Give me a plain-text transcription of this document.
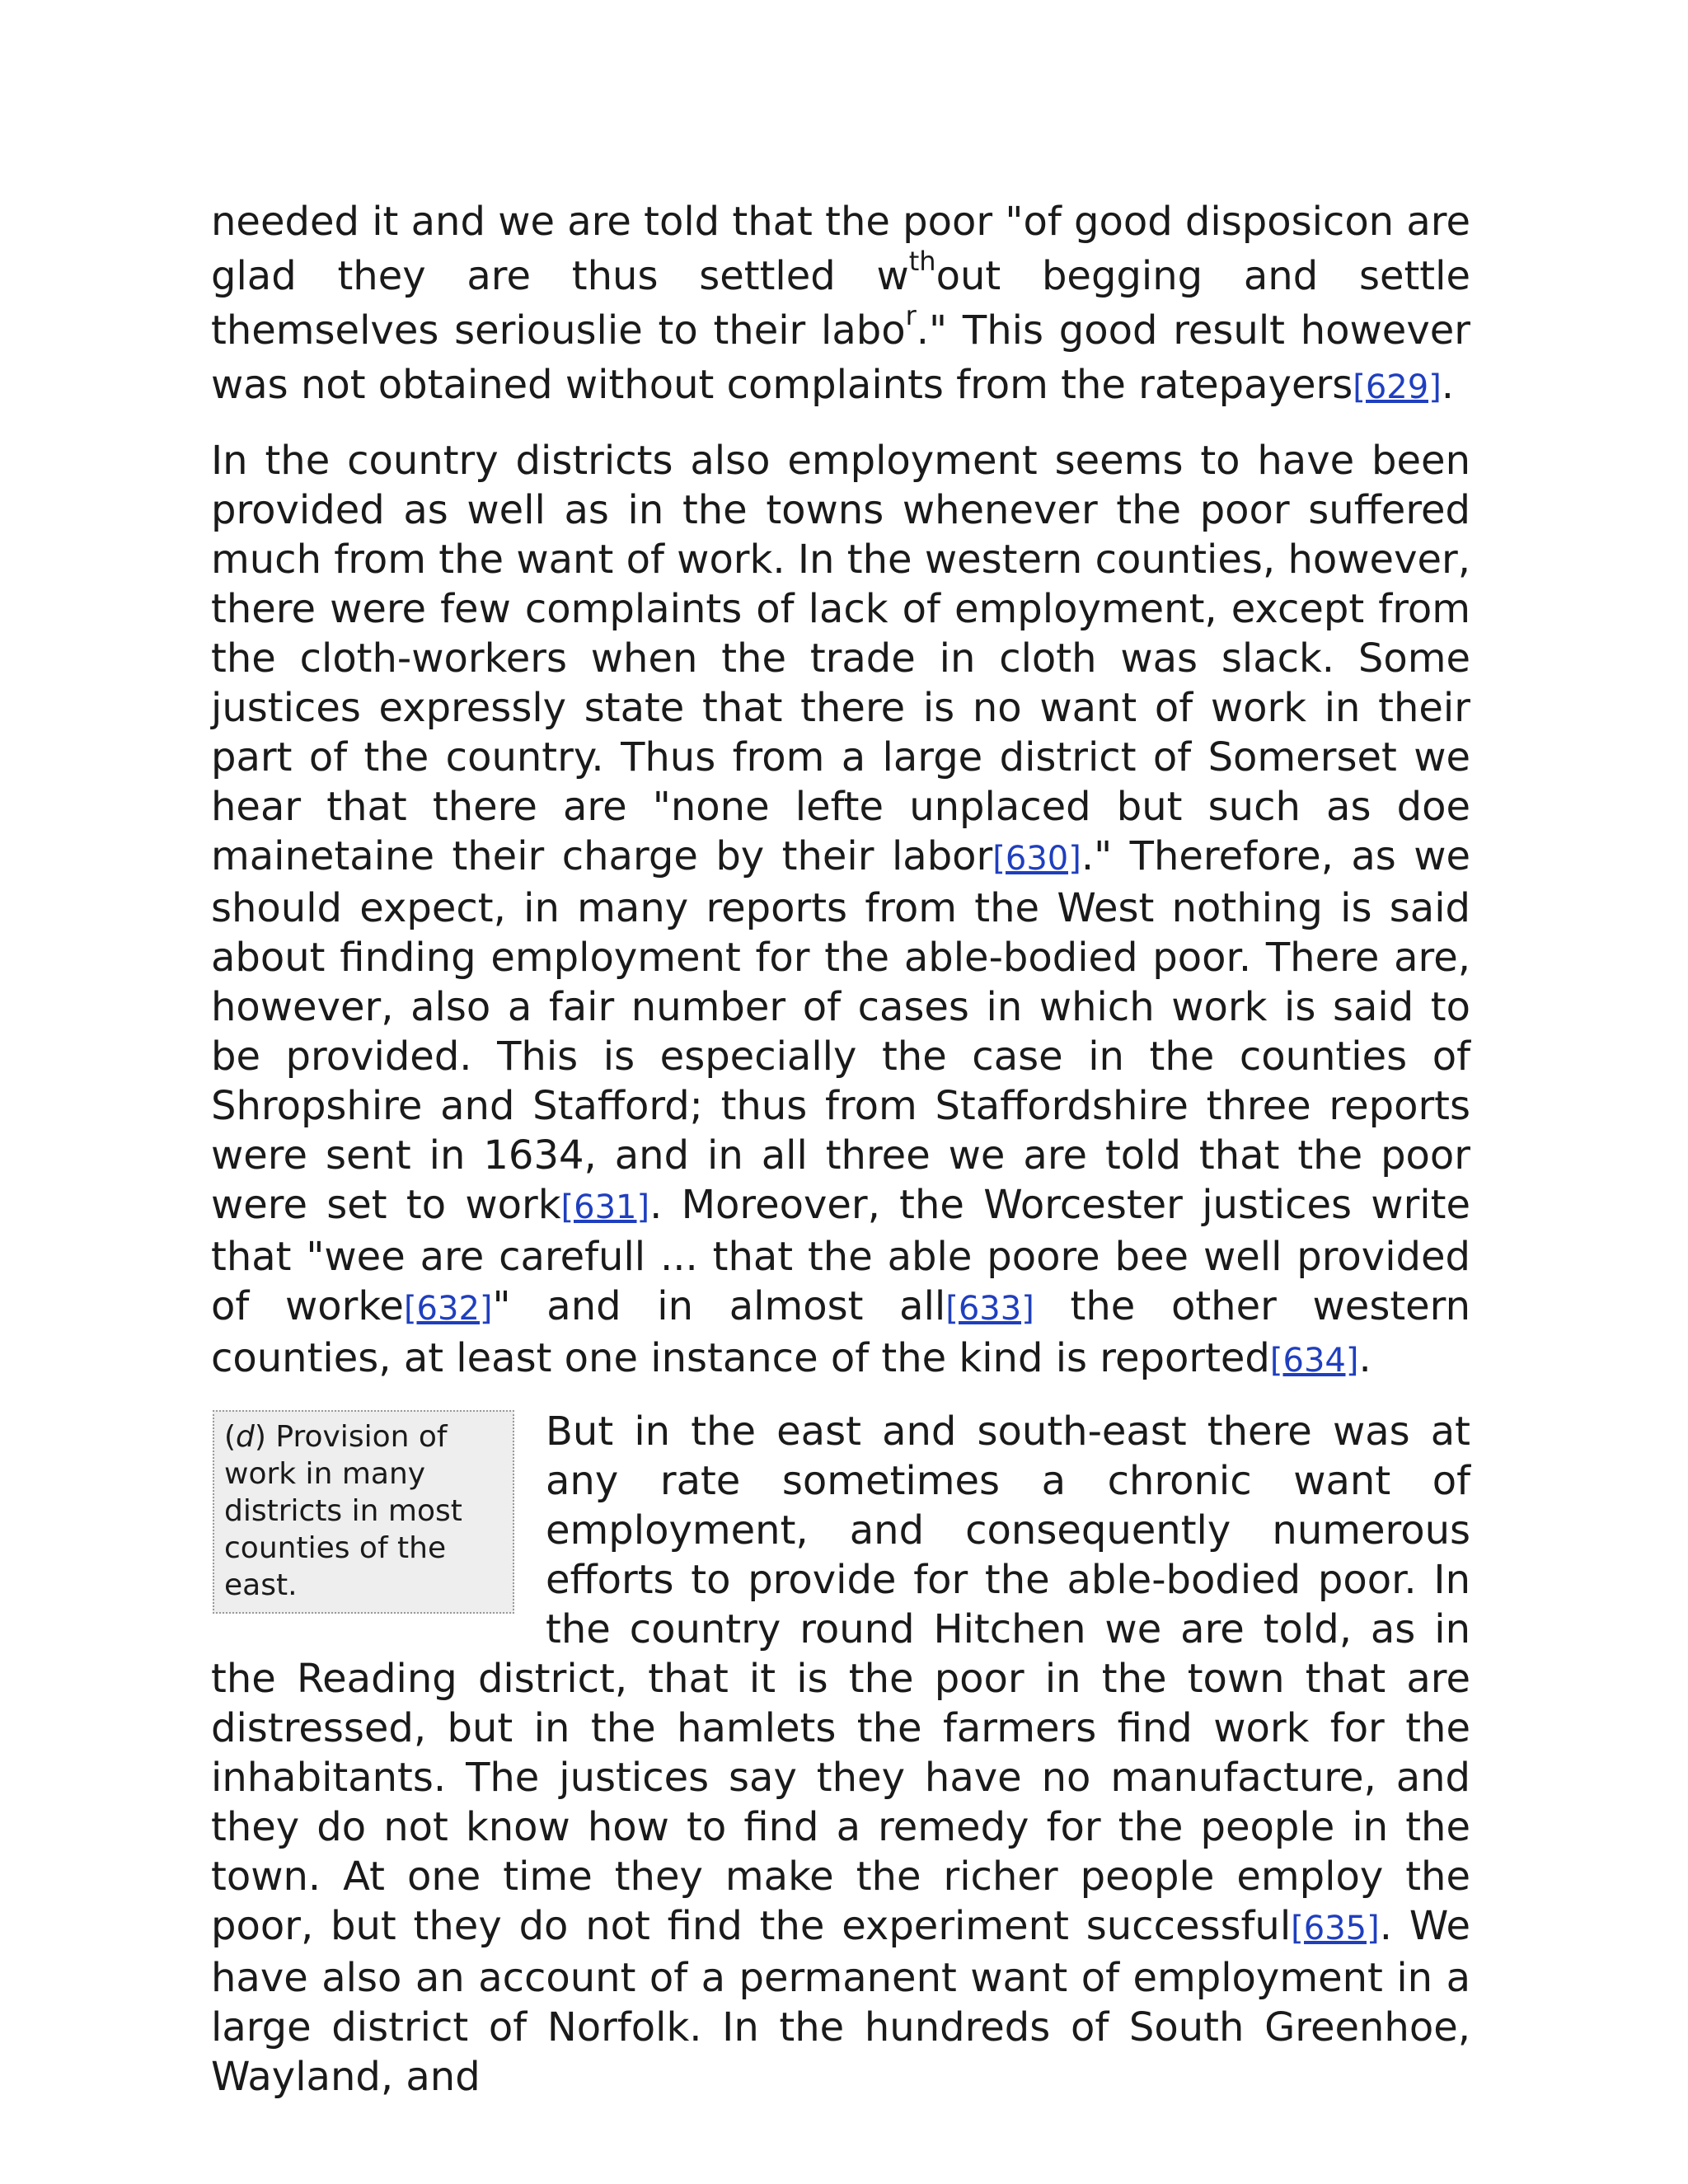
needed it and we are told that the poor "of good disposicon are glad they are thus settled $w^{th}out$ begging and settle themselves seriouslie to their labo$^r$." This good result however was not obtained without complaints from the ratepayers[629].

In the country districts also employment seems to have been provided as well as in the towns whenever the poor suffered much from the want of work. In the western counties, however, there were few complaints of lack of employment, except from the cloth-workers when the trade in cloth was slack. Some justices expressly state that there is no want of work in their part of the country. Thus from a large district of Somerset we hear that there are "none lefte unplaced but such as doe mainetaine their charge by their labor[630]." Therefore, as we should expect, in many reports from the West nothing is said about finding employment for the able-bodied poor. There are, however, also a fair number of cases in which work is said to be provided. This is especially the case in the counties of Shropshire and Stafford; thus from Staffordshire three reports were sent in 1634, and in all three we are told that the poor were set to work[631]. Moreover, the Worcester justices write that "wee are carefull ... that the able poore bee well provided of worke[632]" and in almost all[633] the other western counties, at least one instance of the kind is reported[634].

(d) Provision of work in many districts in most counties of the east.

But in the east and south-east there was at any rate sometimes a chronic want of employment, and consequently numerous efforts to provide for the able-bodied poor. In the country round Hitchen we are told, as in the Reading district, that it is the poor in the town that are distressed, but in the hamlets the farmers find work for the inhabitants. The justices say they have no manufacture, and they do not know how to find a remedy for the people in the town. At one time they make the richer people employ the poor, but they do not find the experiment successful[635]. We have also an account of a permanent want of employment in a large district of Norfolk. In the hundreds of South Greenhoe, Wayland, and
